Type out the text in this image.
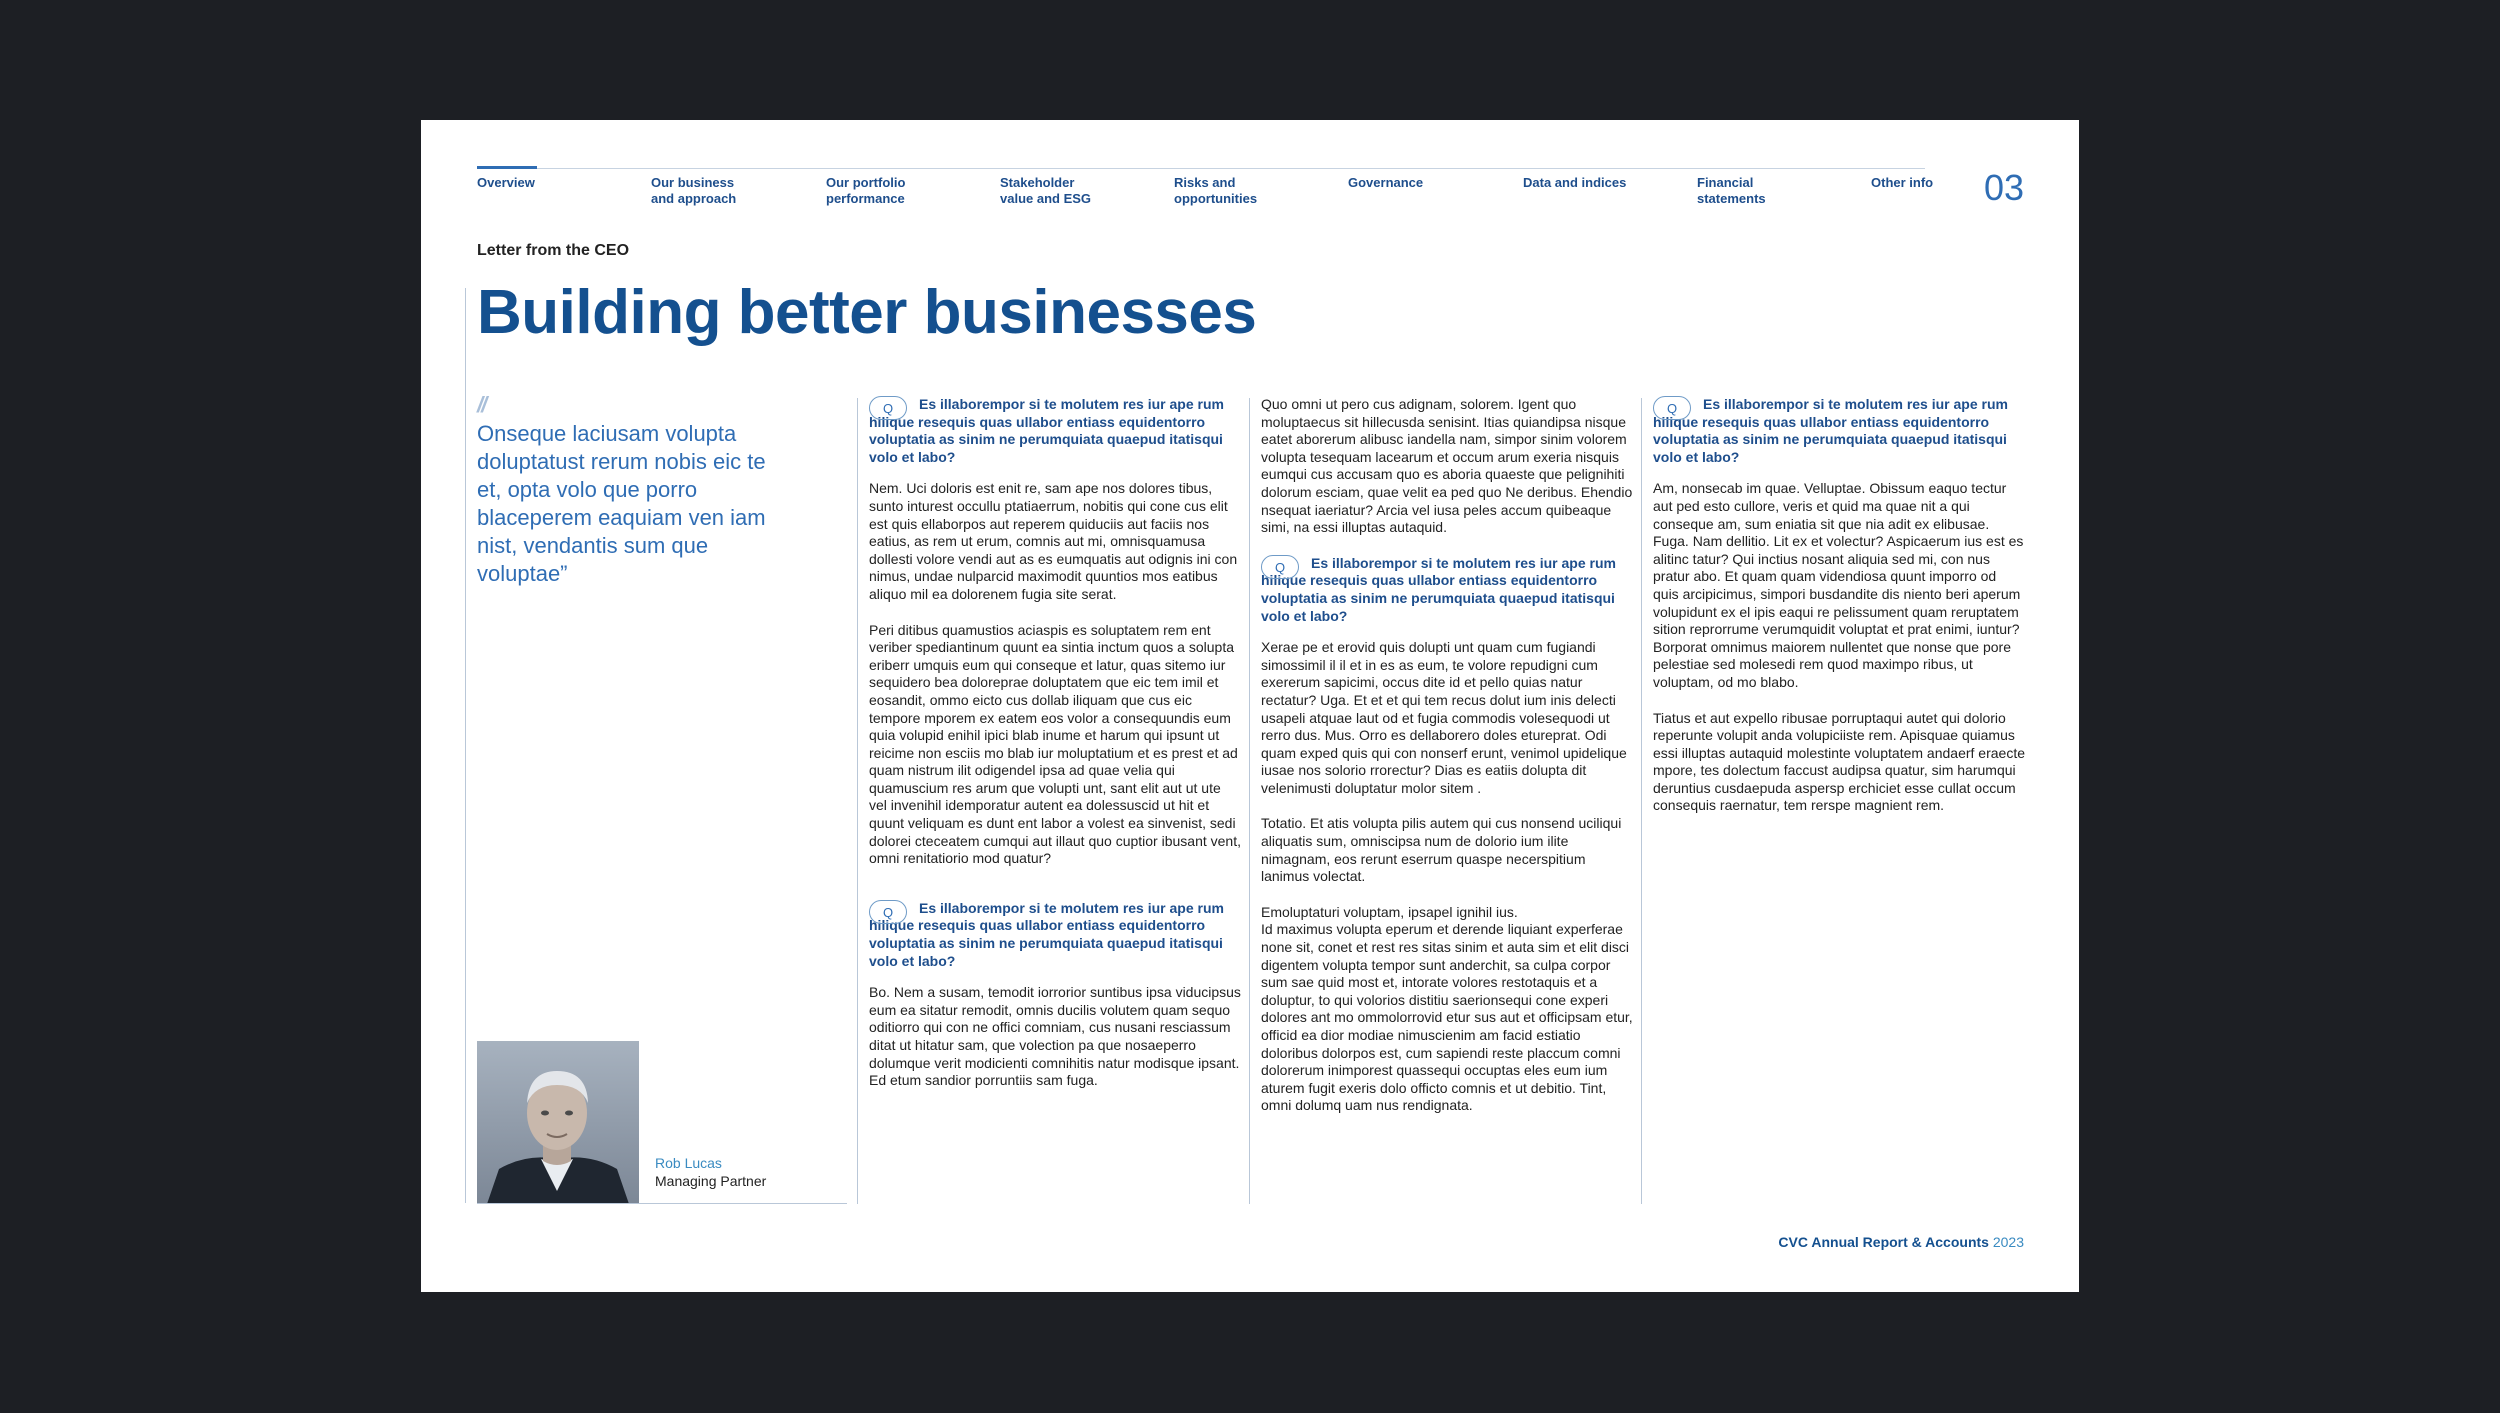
Overview	Our business
and approach
Our portfolio
performance
Stakeholder
value and ESG
Risks and
opportunities
Governance	Data and indices	Financial
statements
Other info 03
Letter from the CEO
Building better businesses
//
Onseque laciusam volupta doluptatust rerum nobis eic te et, opta volo que porro blaceperem eaquiam ven iam nist, vendantis sum que voluptae”
Rob Lucas
Managing Partner
Q	Es illaborempor si te molutem res iur ape rum hilique resequis quas ullabor entiass equidentorro voluptatia as sinim ne perumquiata quaepud itatisqui volo et labo?

Nem. Uci doloris est enit re, sam ape nos dolores tibus, sunto inturest occullu ptatiaerrum, nobitis qui cone cus elit est quis ellaborpos aut reperem quiduciis aut faciis nos eatius, as rem ut erum, comnis aut mi, omnisquamusa dollesti volore vendi aut as es eumquatis aut odignis ini con nimus, undae nulparcid maximodit quuntios mos eatibus aliquo mil ea dolorenem fugia site serat.

Peri ditibus quamustios aciaspis es soluptatem rem ent veriber spediantinum quunt ea sintia inctum quos a solupta eriberr umquis eum qui conseque et latur, quas sitemo iur sequidero bea doloreprae doluptatem que eic tem imil et eosandit, ommo eicto cus dollab iliquam que cus eic tempore mporem ex eatem eos volor a consequundis eum quia volupid enihil ipici blab inume et harum qui ipsunt ut reicime non esciis mo blab iur moluptatium et es prest et ad quam nistrum ilit odigendel ipsa ad quae velia qui quamuscium res arum que volupti unt, sant elit aut ut ute vel invenihil idemporatur autent ea dolessuscid ut hit et quunt veliquam es dunt ent labor a volest ea sinvenist, sedi dolorei cteceatem cumqui aut illaut quo cuptior ibusant vent, omni renitatiorio mod quatur?

Q	Es illaborempor si te molutem res iur ape rum hilique resequis quas ullabor entiass equidentorro voluptatia as sinim ne perumquiata quaepud itatisqui volo et labo?

Bo. Nem a susam, temodit iorrorior suntibus ipsa viducipsus eum ea sitatur remodit, omnis ducilis volutem quam sequo oditiorro qui con ne offici comniam, cus nusani resciassum ditat ut hitatur sam, que volection pa que nosaeperro dolumque verit modicienti comnihitis natur modisque ipsant. Ed etum sandior porruntiis sam fuga.

Quo omni ut pero cus adignam, solorem. Igent quo moluptaecus sit hillecusda senisint. Itias quiandipsa nisque eatet aborerum alibusc iandella nam, simpor sinim volorem volupta tesequam lacearum et occum arum exeria nisquis eumqui cus accusam quo es aboria quaeste que pelignihiti dolorum esciam, quae velit ea ped quo Ne deribus. Ehendio nsequat iaeriatur? Arcia vel iusa peles accum quibeaque simi, na essi illuptas autaquid.

Q	Es illaborempor si te molutem res iur ape rum hilique resequis quas ullabor entiass equidentorro voluptatia as sinim ne perumquiata quaepud itatisqui volo et labo?

Xerae pe et erovid quis dolupti unt quam cum fugiandi simossimil il il et in es as eum, te volore repudigni cum exererum sapicimi, occus dite id et pello quias natur rectatur? Uga. Et et et qui tem recus dolut ium inis delecti usapeli atquae laut od et fugia commodis volesequodi ut rerro dus. Mus. Orro es dellaborero doles etureprat. Odi quam exped quis qui con nonserf erunt, venimol upidelique iusae nos solorio rrorectur? Dias es eatiis dolupta dit velenimusti doluptatur molor sitem .

Totatio. Et atis volupta pilis autem qui cus nonsend uciliqui aliquatis sum, omniscipsa num de dolorio ium ilite nimagnam, eos rerunt eserrum quaspe necerspitium lanimus volectat.

Emoluptaturi voluptam, ipsapel ignihil ius.
Id maximus volupta eperum et derende liquiant experferae none sit, conet et rest res sitas sinim et auta sim et elit disci digentem volupta tempor sunt anderchit, sa culpa corpor sum sae quid most et, intorate volores restotaquis et a doluptur, to qui volorios distitiu saerionsequi cone experi dolores ant mo ommolorrovid etur sus aut et officipsam etur, officid ea dior modiae nimuscienim am facid estiatio doloribus dolorpos est, cum sapiendi reste placcum comni dolorerum inimporest quassequi occuptas eles eum ium aturem fugit exeris dolo officto comnis et ut debitio. Tint, omni dolumq uam nus rendignata.

Q	Es illaborempor si te molutem res iur ape rum hilique resequis quas ullabor entiass equidentorro voluptatia as sinim ne perumquiata quaepud itatisqui volo et labo?

Am, nonsecab im quae. Velluptae. Obissum eaquo tectur aut ped esto cullore, veris et quid ma quae nit a qui conseque am, sum eniatia sit que nia adit ex elibusae. Fuga. Nam dellitio. Lit ex et volectur? Aspicaerum ius est es alitinc tatur? Qui inctius nosant aliquia sed mi, con nus pratur abo. Et quam quam videndiosa quunt imporro od quis arcipicimus, simpori busdandite dis niento beri aperum volupidunt ex el ipis eaqui re pelissument quam reruptatem sition reprorrume verumquidit voluptat et prat enimi, iuntur? Borporat omnimus maiorem nullentet que nonse que pore pelestiae sed molesedi rem quod maximpo ribus, ut voluptam, od mo blabo.

Tiatus et aut expello ribusae porruptaqui autet qui dolorio reperunte volupit anda volupiciiste rem. Apisquae quiamus essi illuptas autaquid molestinte voluptatem andaerf eraecte mpore, tes dolectum faccust audipsa quatur, sim harumqui deruntius cusdaepuda aspersp erchiciet esse cullat occum consequis raernatur, tem rerspe magnient rem.

CVC Annual Report & Accounts 2023
